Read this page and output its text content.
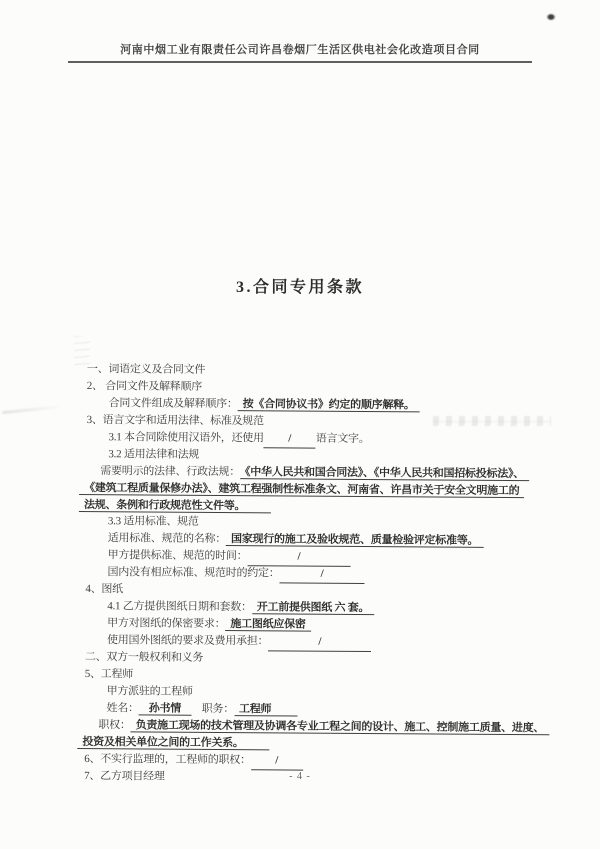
河南中烟工业有限责任公司许昌卷烟厂生活区供电社会化改造项目合同
3.合同专用条款
一、词语定义及合同文件
2、 合同文件及解释顺序
合同文件组成及解释顺序： 按《合同协议书》约定的顺序解释。
3、语言文字和适用法律、标准及规范
3.1 本合同除使用汉语外，还使用 / 语言文字。
3.2 适用法律和法规
需要明示的法律、行政法规： 《中华人民共和国合同法》、《中华人民共和国招标投标法》、
《建筑工程质量保修办法》、建筑工程强制性标准条文、河南省、许昌市关于安全文明施工的
法规、条例和行政规范性文件等。
3.3 适用标准、规范
适用标准、规范的名称： 国家现行的施工及验收规范、质量检验评定标准等。
甲方提供标准、规范的时间：	/
国内没有相应标准、规范时的约定：	/
4、图纸
4.1 乙方提供图纸日期和套数： 开工前提供图纸 六 套。
甲方对图纸的保密要求： 施工图纸应保密
使用国外图纸的要求及费用承担：	/
二、双方一般权利和义务
5、工程师
甲方派驻的工程师
姓名： 孙书情　职务： 工程师
职权： 负责施工现场的技术管理及协调各专业工程之间的设计、施工、控制施工质量、进度、
投资及相关单位之间的工作关系。
6、不实行监理的，工程师的职权： /
7、乙方项目经理	- 4 -
